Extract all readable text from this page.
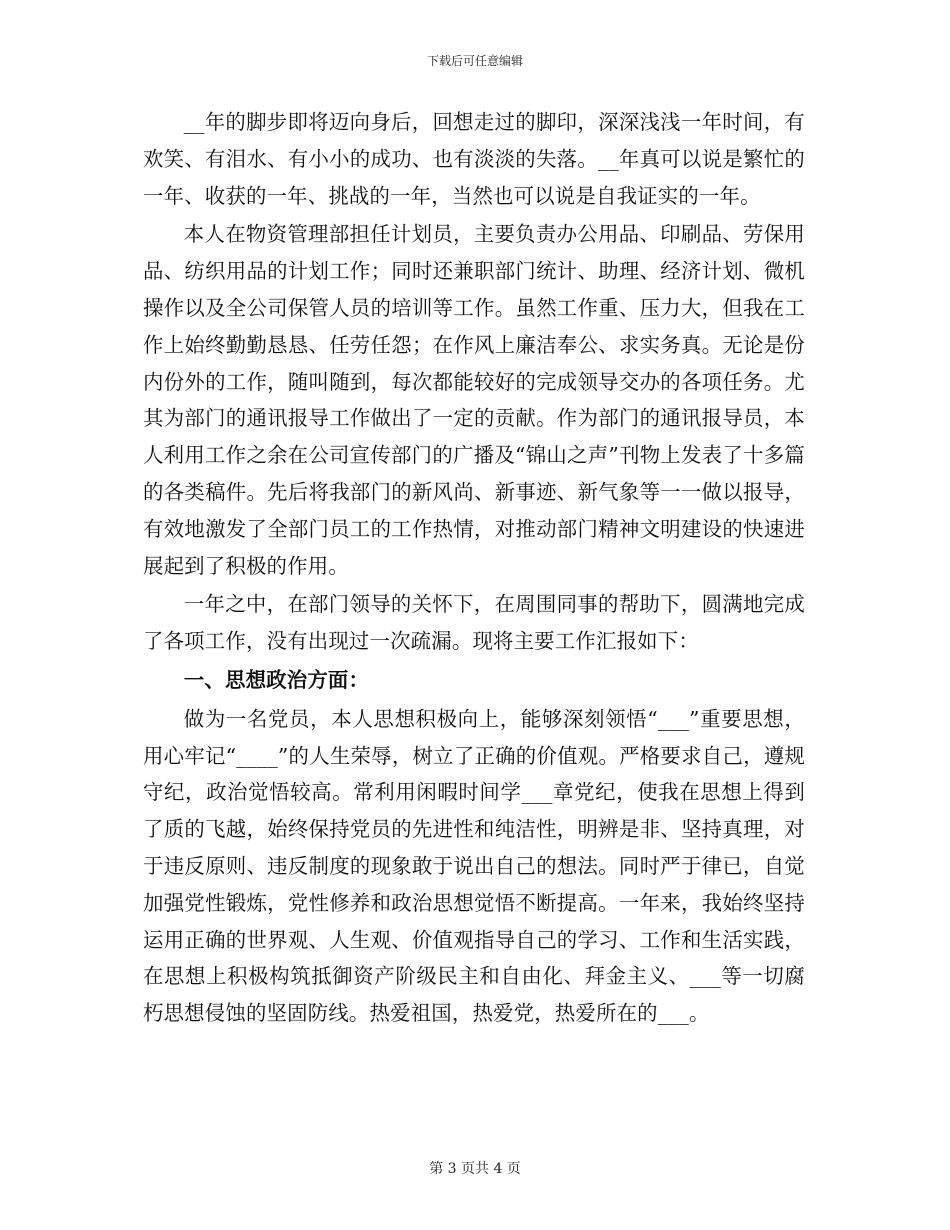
下载后可任意编辑

__年的脚步即将迈向身后，回想走过的脚印，深深浅浅一年时间，有欢笑、有泪水、有小小的成功、也有淡淡的失落。__年真可以说是繁忙的一年、收获的一年、挑战的一年，当然也可以说是自我证实的一年。

本人在物资管理部担任计划员，主要负责办公用品、印刷品、劳保用品、纺织用品的计划工作；同时还兼职部门统计、助理、经济计划、微机操作以及全公司保管人员的培训等工作。虽然工作重、压力大，但我在工作上始终勤勤恳恳、任劳任怨；在作风上廉洁奉公、求实务真。无论是份内份外的工作，随叫随到，每次都能较好的完成领导交办的各项任务。尤其为部门的通讯报导工作做出了一定的贡献。作为部门的通讯报导员，本人利用工作之余在公司宣传部门的广播及“锦山之声”刊物上发表了十多篇的各类稿件。先后将我部门的新风尚、新事迹、新气象等一一做以报导，有效地激发了全部门员工的工作热情，对推动部门精神文明建设的快速进展起到了积极的作用。

一年之中，在部门领导的关怀下，在周围同事的帮助下，圆满地完成了各项工作，没有出现过一次疏漏。现将主要工作汇报如下：

一、思想政治方面：

做为一名党员，本人思想积极向上，能够深刻领悟“___”重要思想，用心牢记“____”的人生荣辱，树立了正确的价值观。严格要求自己，遵规守纪，政治觉悟较高。常利用闲暇时间学___章党纪，使我在思想上得到了质的飞越，始终保持党员的先进性和纯洁性，明辨是非、坚持真理，对于违反原则、违反制度的现象敢于说出自己的想法。同时严于律已，自觉加强党性锻炼，党性修养和政治思想觉悟不断提高。一年来，我始终坚持运用正确的世界观、人生观、价值观指导自己的学习、工作和生活实践，在思想上积极构筑抵御资产阶级民主和自由化、拜金主义、___等一切腐朽思想侵蚀的坚固防线。热爱祖国，热爱党，热爱所在的___。

第 3 页共 4 页
